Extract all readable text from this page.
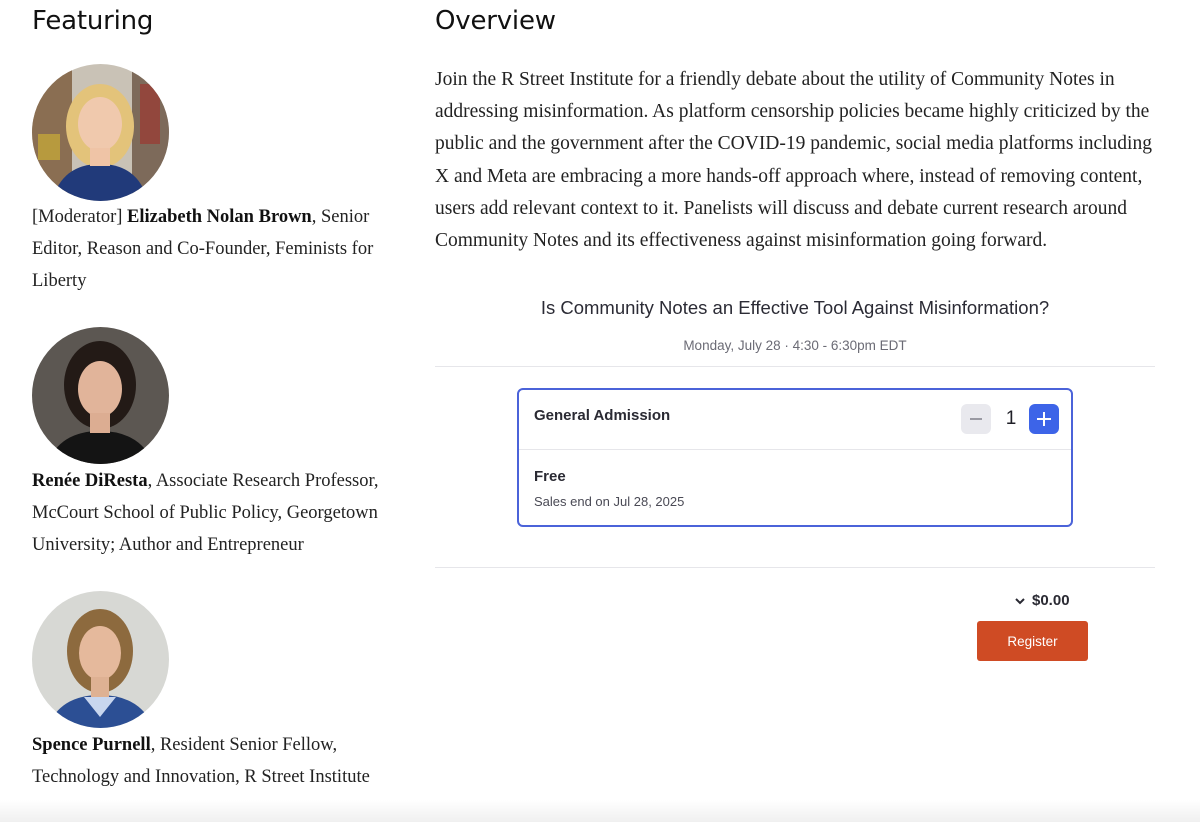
Featuring

[Moderator] Elizabeth Nolan Brown, Senior Editor, Reason and Co-Founder, Feminists for Liberty

Renée DiResta, Associate Research Professor, McCourt School of Public Policy, Georgetown University; Author and Entrepreneur

Spence Purnell, Resident Senior Fellow, Technology and Innovation, R Street Institute

Overview

Join the R Street Institute for a friendly debate about the utility of Community Notes in addressing misinformation. As platform censorship policies became highly criticized by the public and the government after the COVID-19 pandemic, social media platforms including X and Meta are embracing a more hands-off approach where, instead of removing content, users add relevant context to it. Panelists will discuss and debate current research around Community Notes and its effectiveness against misinformation going forward.

Is Community Notes an Effective Tool Against Misinformation?
Monday, July 28 · 4:30 - 6:30pm EDT
General Admission	1
Free
Sales end on Jul 28, 2025
$0.00
Register
